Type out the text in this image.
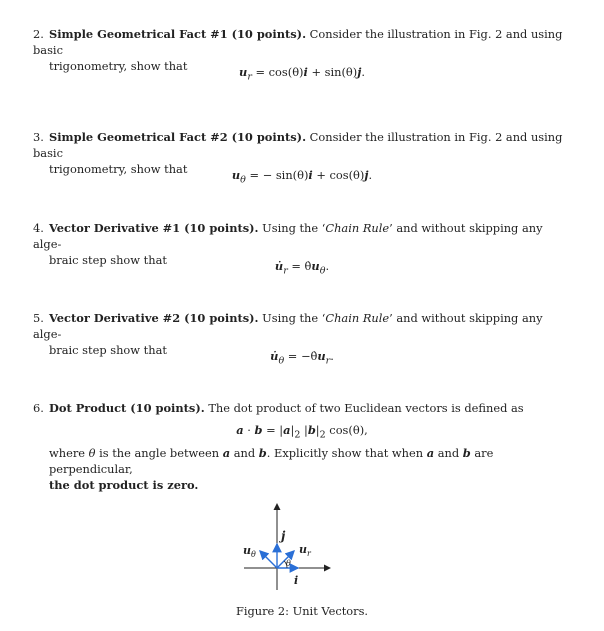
2. Simple Geometrical Fact #1 (10 points). Consider the illustration in Fig. 2 and using basic
trigonometry, show that	$u_r = \cos(\theta)i + \sin(\theta)j$.
3. Simple Geometrical Fact #2 (10 points). Consider the illustration in Fig. 2 and using basic
trigonometry, show that	$u_\theta$ = − sin(θ)i + cos(θ)j.
4. Vector Derivative #1 (10 points). Using the ‘Chain Rule’ and without skipping any alge-
braic step show that	$u̇_r$ = $\thetȧu_\theta$.
5. Vector Derivative #2 (10 points). Using the ‘Chain Rule’ and without skipping any alge-
braic step show that	$u̇_\theta$ = $-\thetȧu_r$.
6. Dot Product (10 points). The dot product of two Euclidean vectors is defined as
$a \cdot b = |a|_2$ $|b|_2$ cos(θ),
where θ is the angle between a and b. Explicitly show that when a and b are perpendicular,
the dot product is zero.
j
i
$u_r$
$u_\theta$
θ
Figure 2: Unit Vectors.
